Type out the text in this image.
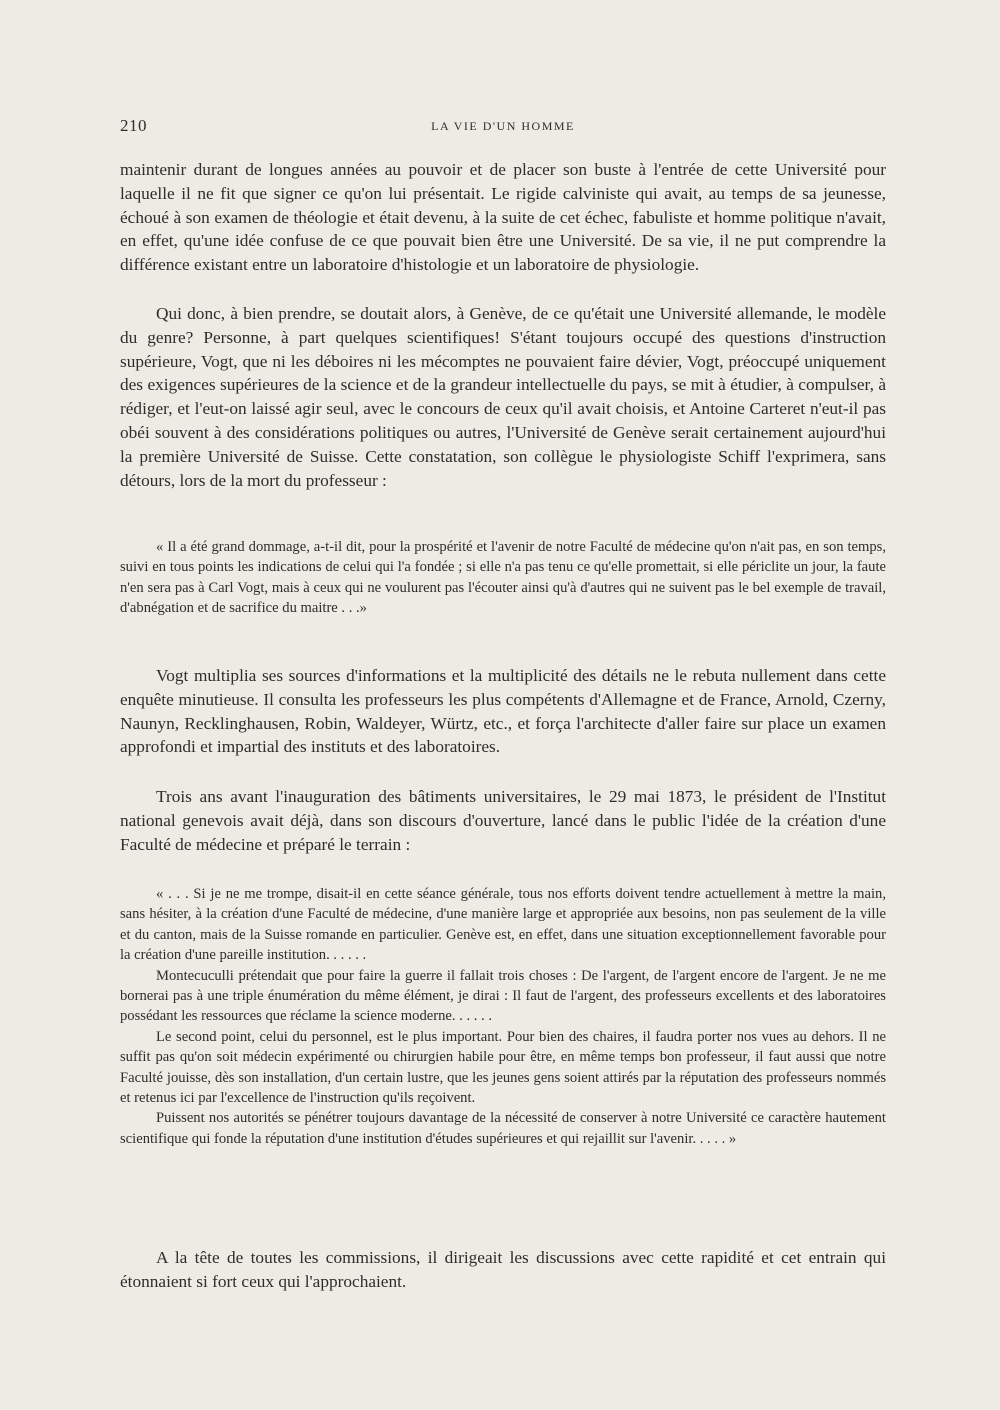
210	LA VIE D'UN HOMME

maintenir durant de longues années au pouvoir et de placer son buste à l'entrée de cette Université pour laquelle il ne fit que signer ce qu'on lui présentait. Le rigide calviniste qui avait, au temps de sa jeunesse, échoué à son examen de théologie et était devenu, à la suite de cet échec, fabuliste et homme politique n'avait, en effet, qu'une idée confuse de ce que pouvait bien être une Université. De sa vie, il ne put comprendre la différence existant entre un laboratoire d'histologie et un laboratoire de physiologie.

Qui donc, à bien prendre, se doutait alors, à Genève, de ce qu'était une Université allemande, le modèle du genre? Personne, à part quelques scientifiques! S'étant toujours occupé des questions d'instruction supérieure, Vogt, que ni les déboires ni les mécomptes ne pouvaient faire dévier, Vogt, préoccupé uniquement des exigences supérieures de la science et de la grandeur intellectuelle du pays, se mit à étudier, à compulser, à rédiger, et l'eut-on laissé agir seul, avec le concours de ceux qu'il avait choisis, et Antoine Carteret n'eut-il pas obéi souvent à des considérations politiques ou autres, l'Université de Genève serait certainement aujourd'hui la première Université de Suisse. Cette constatation, son collègue le physiologiste Schiff l'exprimera, sans détours, lors de la mort du professeur :

« Il a été grand dommage, a-t-il dit, pour la prospérité et l'avenir de notre Faculté de médecine qu'on n'ait pas, en son temps, suivi en tous points les indications de celui qui l'a fondée ; si elle n'a pas tenu ce qu'elle promettait, si elle périclite un jour, la faute n'en sera pas à Carl Vogt, mais à ceux qui ne voulurent pas l'écouter ainsi qu'à d'autres qui ne suivent pas le bel exemple de travail, d'abnégation et de sacrifice du maitre . . .»

Vogt multiplia ses sources d'informations et la multiplicité des détails ne le rebuta nullement dans cette enquête minutieuse. Il consulta les professeurs les plus compétents d'Allemagne et de France, Arnold, Czerny, Naunyn, Recklinghausen, Robin, Waldeyer, Würtz, etc., et força l'architecte d'aller faire sur place un examen approfondi et impartial des instituts et des laboratoires.

Trois ans avant l'inauguration des bâtiments universitaires, le 29 mai 1873, le président de l'Institut national genevois avait déjà, dans son discours d'ouverture, lancé dans le public l'idée de la création d'une Faculté de médecine et préparé le terrain :

« . . . Si je ne me trompe, disait-il en cette séance générale, tous nos efforts doivent tendre actuellement à mettre la main, sans hésiter, à la création d'une Faculté de médecine, d'une manière large et appropriée aux besoins, non pas seulement de la ville et du canton, mais de la Suisse romande en particulier. Genève est, en effet, dans une situation exceptionnellement favorable pour la création d'une pareille institution. . . . . .

Montecuculli prétendait que pour faire la guerre il fallait trois choses : De l'argent, de l'argent encore de l'argent. Je ne me bornerai pas à une triple énumération du même élément, je dirai : Il faut de l'argent, des professeurs excellents et des laboratoires possédant les ressources que réclame la science moderne. . . . . .

Le second point, celui du personnel, est le plus important. Pour bien des chaires, il faudra porter nos vues au dehors. Il ne suffit pas qu'on soit médecin expérimenté ou chirurgien habile pour être, en même temps bon professeur, il faut aussi que notre Faculté jouisse, dès son installation, d'un certain lustre, que les jeunes gens soient attirés par la réputation des professeurs nommés et retenus ici par l'excellence de l'instruction qu'ils reçoivent.

Puissent nos autorités se pénétrer toujours davantage de la nécessité de conserver à notre Université ce caractère hautement scientifique qui fonde la réputation d'une institution d'études supérieures et qui rejaillit sur l'avenir. . . . . »

A la tête de toutes les commissions, il dirigeait les discussions avec cette rapidité et cet entrain qui étonnaient si fort ceux qui l'approchaient.
